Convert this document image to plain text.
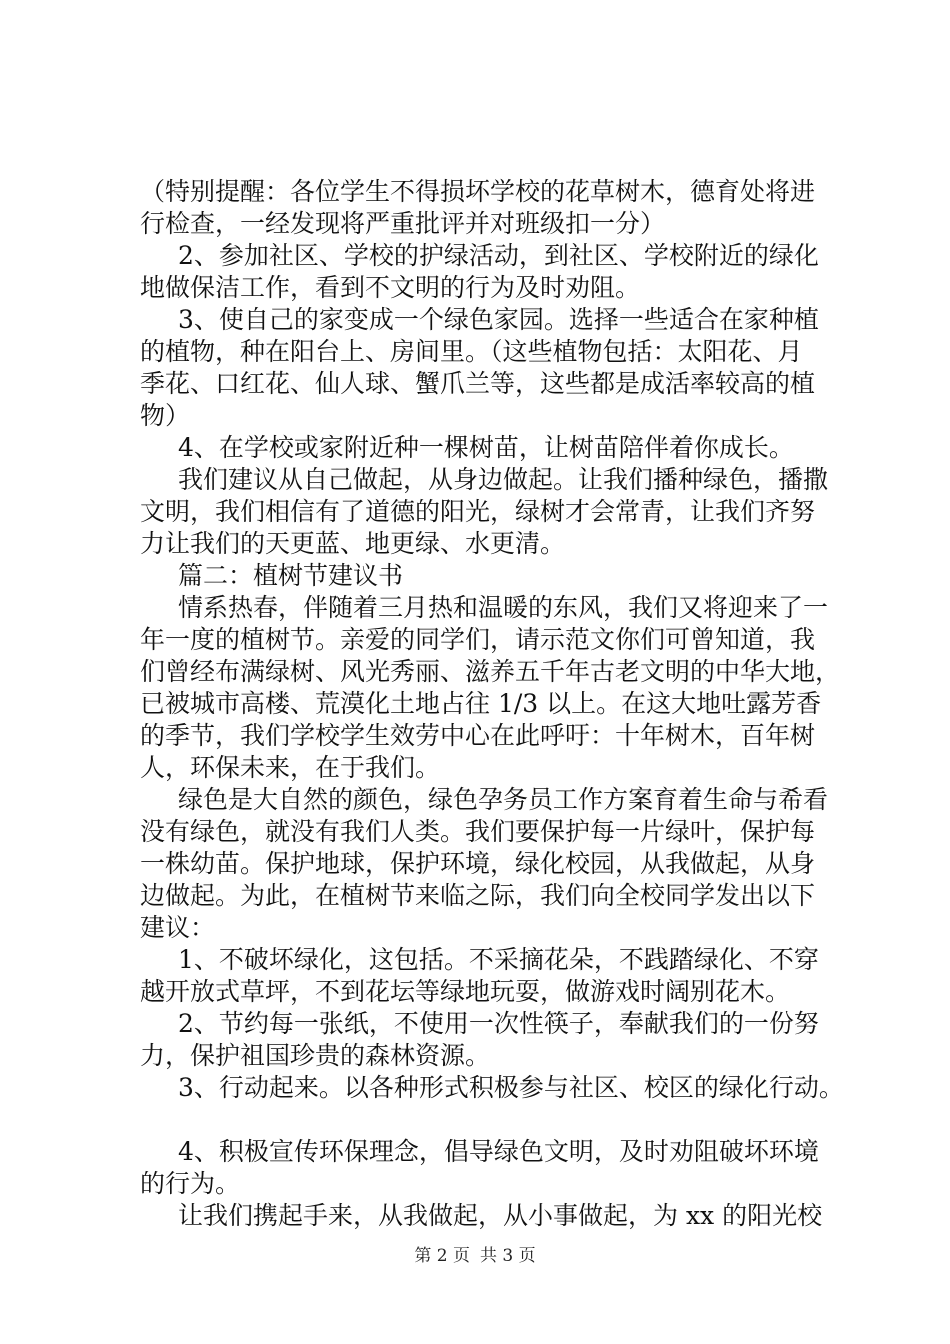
（特别提醒：各位学生不得损坏学校的花草树木，德育处将进
行检查，一经发现将严重批评并对班级扣一分）
2、参加社区、学校的护绿活动，到社区、学校附近的绿化
地做保洁工作，看到不文明的行为及时劝阻。
3、使自己的家变成一个绿色家园。选择一些适合在家种植
的植物，种在阳台上、房间里。（这些植物包括：太阳花、月
季花、口红花、仙人球、蟹爪兰等，这些都是成活率较高的植
物）
4、在学校或家附近种一棵树苗，让树苗陪伴着你成长。
我们建议从自己做起，从身边做起。让我们播种绿色，播撒
文明，我们相信有了道德的阳光，绿树才会常青，让我们齐努
力让我们的天更蓝、地更绿、水更清。
篇二：植树节建议书
情系热春，伴随着三月热和温暖的东风，我们又将迎来了一
年一度的植树节。亲爱的同学们，请示范文你们可曾知道，我
们曾经布满绿树、风光秀丽、滋养五千年古老文明的中华大地，
已被城市高楼、荒漠化土地占往 1/3 以上。在这大地吐露芳香
的季节，我们学校学生效劳中心在此呼吁：十年树木，百年树
人，环保未来，在于我们。
绿色是大自然的颜色，绿色孕务员工作方案育着生命与希看
没有绿色，就没有我们人类。我们要保护每一片绿叶，保护每
一株幼苗。保护地球，保护环境，绿化校园，从我做起，从身
边做起。为此，在植树节来临之际，我们向全校同学发出以下
建议：
1、不破坏绿化，这包括。不采摘花朵，不践踏绿化、不穿
越开放式草坪，不到花坛等绿地玩耍，做游戏时阔别花木。
2、节约每一张纸，不使用一次性筷子，奉献我们的一份努
力，保护祖国珍贵的森林资源。
3、行动起来。以各种形式积极参与社区、校区的绿化行动。
4、积极宣传环保理念，倡导绿色文明，及时劝阻破坏环境
的行为。
让我们携起手来，从我做起，从小事做起，为 xx 的阳光校
第 2 页 共 3 页
